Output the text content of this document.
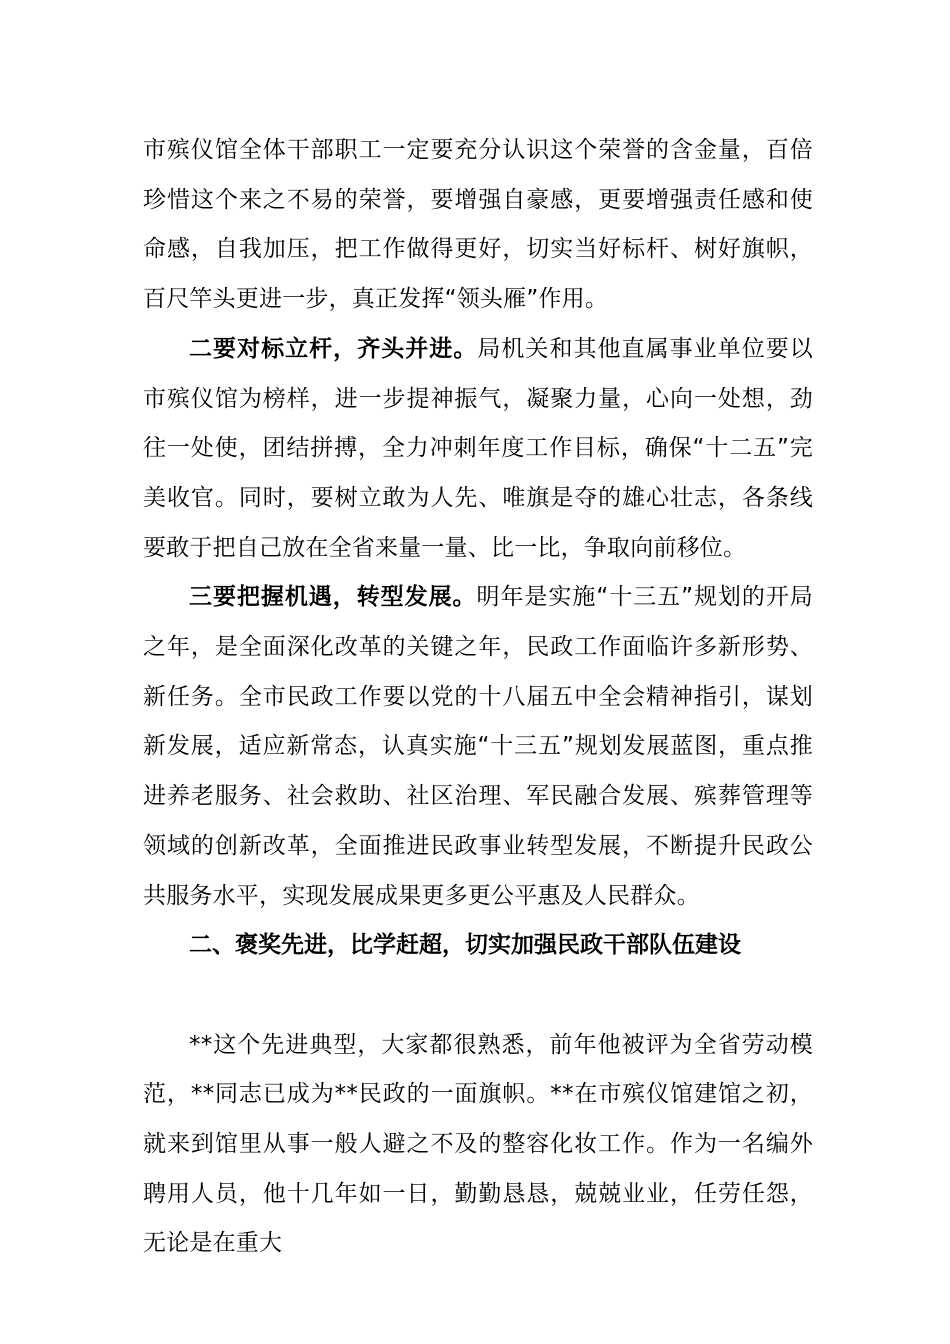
市殡仪馆全体干部职工一定要充分认识这个荣誉的含金量，百倍珍惜这个来之不易的荣誉，要增强自豪感，更要增强责任感和使命感，自我加压，把工作做得更好，切实当好标杆、树好旗帜，百尺竿头更进一步，真正发挥“领头雁”作用。

二要对标立杆，齐头并进。局机关和其他直属事业单位要以市殡仪馆为榜样，进一步提神振气，凝聚力量，心向一处想，劲往一处使，团结拼搏，全力冲刺年度工作目标，确保“十二五”完美收官。同时，要树立敢为人先、唯旗是夺的雄心壮志，各条线要敢于把自己放在全省来量一量、比一比，争取向前移位。

三要把握机遇，转型发展。明年是实施“十三五”规划的开局之年，是全面深化改革的关键之年，民政工作面临许多新形势、新任务。全市民政工作要以党的十八届五中全会精神指引，谋划新发展，适应新常态，认真实施“十三五”规划发展蓝图，重点推进养老服务、社会救助、社区治理、军民融合发展、殡葬管理等领域的创新改革，全面推进民政事业转型发展，不断提升民政公共服务水平，实现发展成果更多更公平惠及人民群众。

二、褒奖先进，比学赶超，切实加强民政干部队伍建设

**这个先进典型，大家都很熟悉，前年他被评为全省劳动模范，**同志已成为**民政的一面旗帜。**在市殡仪馆建馆之初，就来到馆里从事一般人避之不及的整容化妆工作。作为一名编外聘用人员，他十几年如一日，勤勤恳恳，兢兢业业，任劳任怨，无论是在重大
